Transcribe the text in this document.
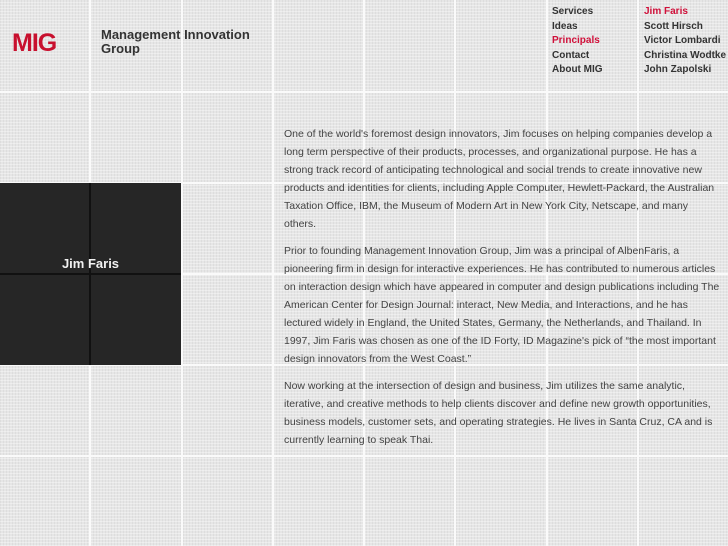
MIG	Management Innovation Group
Services
Ideas
Principals
Contact
About MIG
Jim Faris
Scott Hirsch
Victor Lombardi
Christina Wodtke
John Zapolski
Jim Faris

One of the world's foremost design innovators, Jim focuses on helping companies develop a long term perspective of their products, processes, and organizational purpose. He has a strong track record of anticipating technological and social trends to create innovative new products and identities for clients, including Apple Computer, Hewlett-Packard, the Australian Taxation Office, IBM, the Museum of Modern Art in New York City, Netscape, and many others.

Prior to founding Management Innovation Group, Jim was a principal of AlbenFaris, a pioneering firm in design for interactive experiences. He has contributed to numerous articles on interaction design which have appeared in computer and design publications including The American Center for Design Journal: interact, New Media, and Interactions, and he has lectured widely in England, the United States, Germany, the Netherlands, and Thailand. In 1997, Jim Faris was chosen as one of the ID Forty, ID Magazine's pick of “the most important design innovators from the West Coast.”

Now working at the intersection of design and business, Jim utilizes the same analytic, iterative, and creative methods to help clients discover and define new growth opportunities, business models, customer sets, and operating strategies. He lives in Santa Cruz, CA and is currently learning to speak Thai.
